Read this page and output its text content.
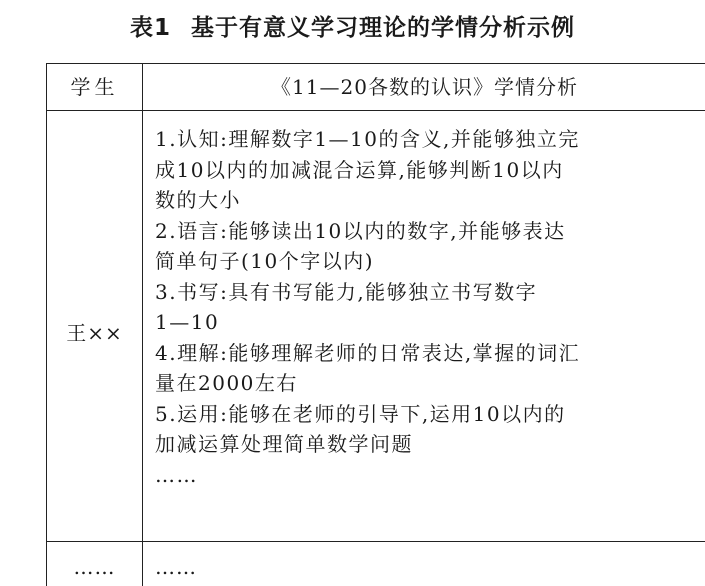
表1 基于有意义学习理论的学情分析示例
学生	《11—20各数的认识》学情分析
王××
1.认知:理解数字1—10的含义,并能够独立完
成10以内的加减混合运算,能够判断10以内
数的大小
2.语言:能够读出10以内的数字,并能够表达
简单句子(10个字以内)
3.书写:具有书写能力,能够独立书写数字
1—10
4.理解:能够理解老师的日常表达,掌握的词汇
量在2000左右
5.运用:能够在老师的引导下,运用10以内的
加减运算处理简单数学问题
……
……	……
